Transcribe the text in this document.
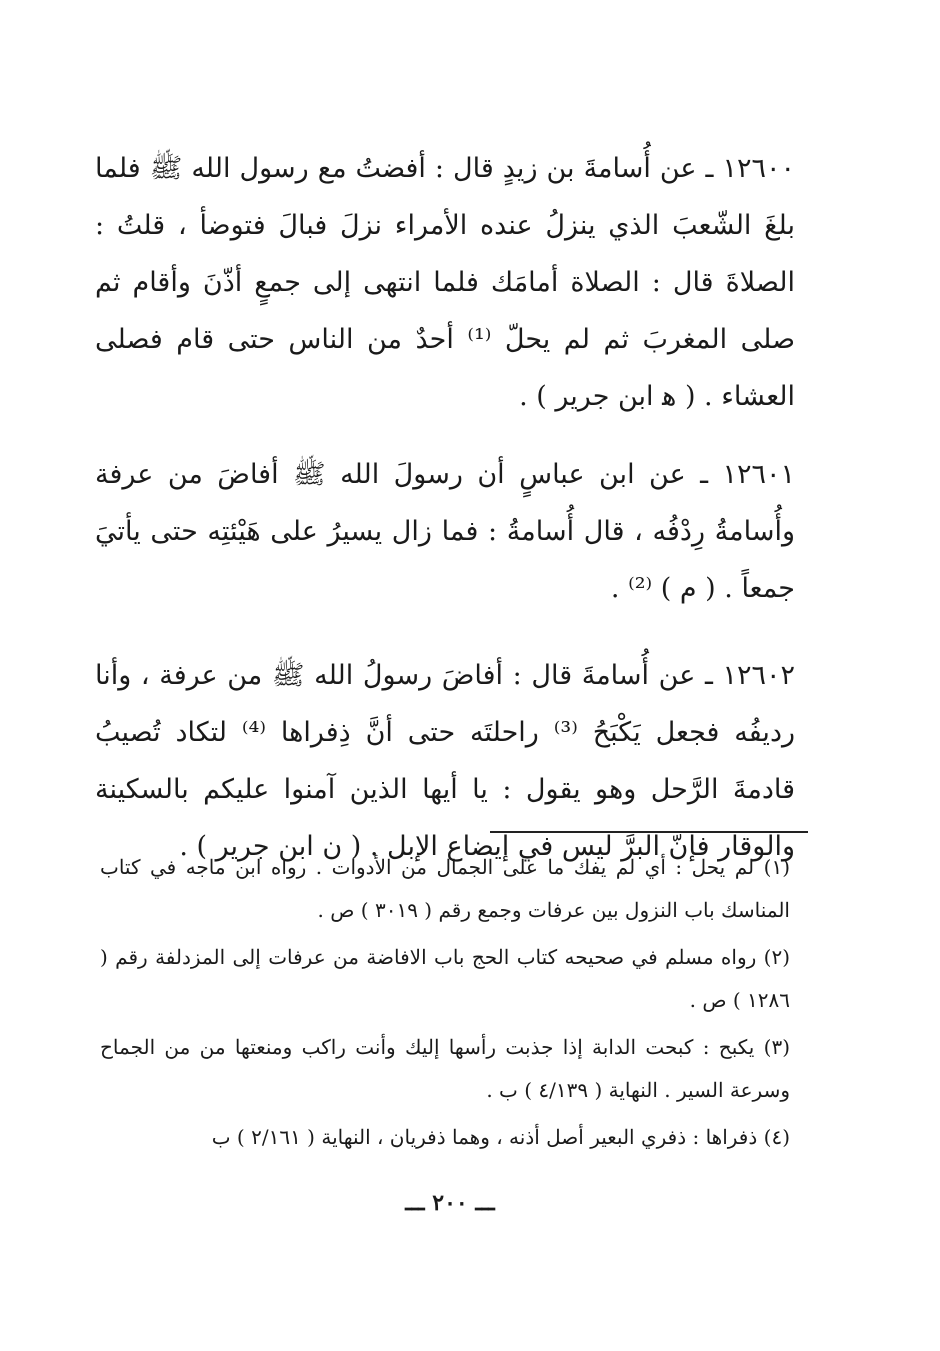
١٢٦٠٠ ـ عن أُسامةَ بن زيدٍ قال : أفضتُ مع رسول الله ﷺ فلما بلغَ الشّعبَ الذي ينزلُ عنده الأمراء نزلَ فبالَ فتوضأ ، قلتُ : الصلاةَ قال : الصلاة أمامَك فلما انتهى إلى جمعٍ أذّنَ وأقام ثم صلى المغربَ ثم لم يحلّ ⁽¹⁾ أحدٌ من الناس حتى قام فصلى العشاء . ( ﻫ ابن جرير ) .

١٢٦٠١ ـ عن ابن عباسٍ أن رسولَ الله ﷺ أفاضَ من عرفة وأُسامةُ رِدْفُه ، قال أُسامةُ : فما زال يسيرُ على هَيْئتِه حتى يأتيَ جمعاً . ( م ) ⁽²⁾ .

١٢٦٠٢ ـ عن أُسامةَ قال : أفاضَ رسولُ الله ﷺ من عرفة ، وأنا رديفُه فجعل يَكْبَحُ ⁽³⁾ راحلتَه حتى أنَّ ذِفراها ⁽⁴⁾ لتكاد تُصيبُ قادمةَ الرَّحل وهو يقول : يا أيها الذين آمنوا عليكم بالسكينة والوقار فإنّ البرَّ ليس في إيضاع الإبل . ( ن ابن جرير ) .

(١) لم يحل : أي لم يفك ما على الجمال من الأدوات . رواه ابن ماجه في كتاب المناسك باب النزول بين عرفات وجمع رقم ( ٣٠١٩ ) ص .

(٢) رواه مسلم في صحيحه كتاب الحج باب الافاضة من عرفات إلى المزدلفة رقم ( ١٢٨٦ ) ص .

(٣) يكبح : كبحت الدابة إذا جذبت رأسها إليك وأنت راكب ومنعتها من من الجماح وسرعة السير . النهاية ( ٤/١٣٩ ) ب .

(٤) ذفراها : ذفري البعير أصل أذنه ، وهما ذفريان ، النهاية ( ٢/١٦١ ) ب

ـــ ٢٠٠ ـــ
